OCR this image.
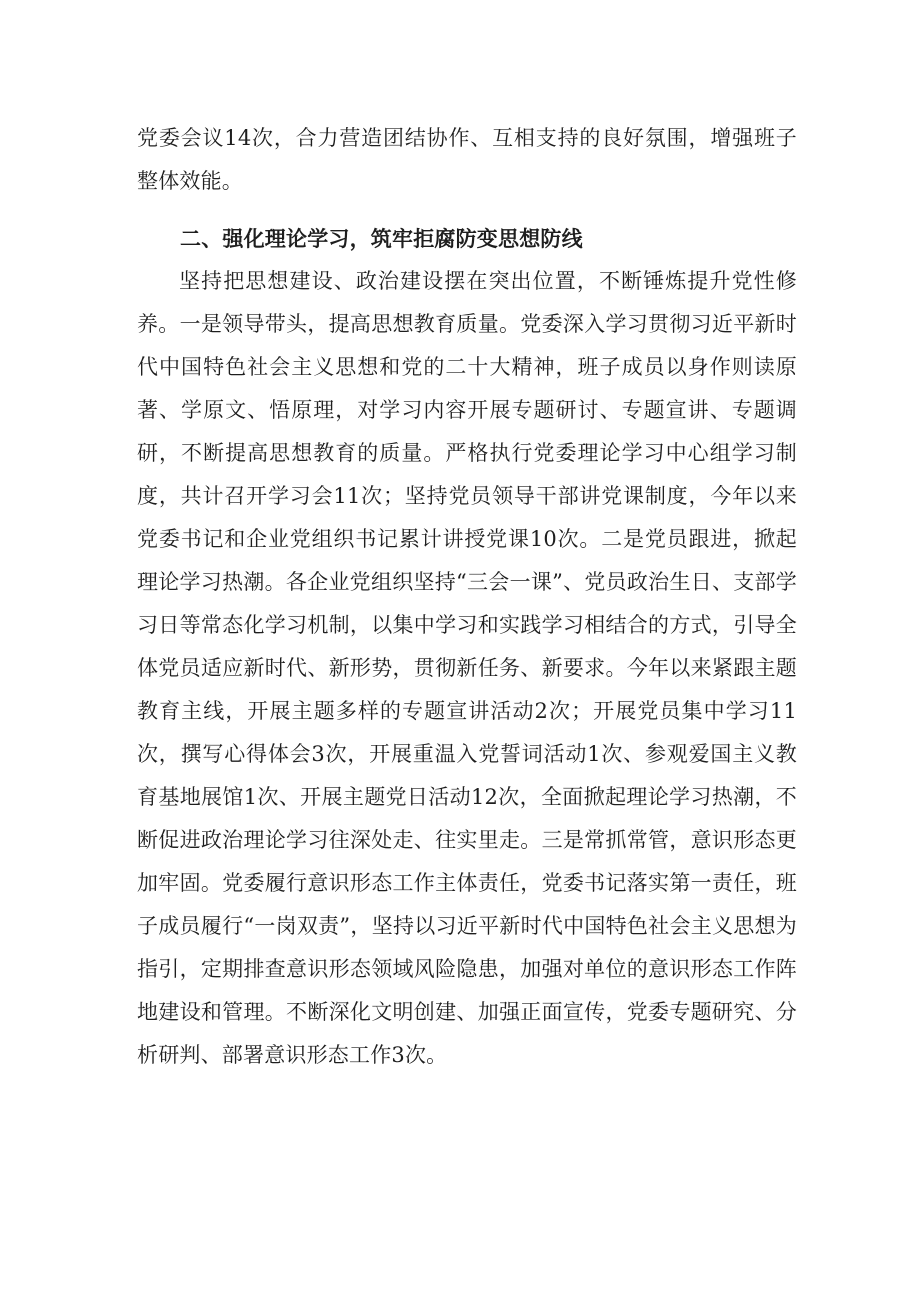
党委会议14次，合力营造团结协作、互相支持的良好氛围，增强班子整体效能。

二、强化理论学习，筑牢拒腐防变思想防线

坚持把思想建设、政治建设摆在突出位置，不断锤炼提升党性修养。一是领导带头，提高思想教育质量。党委深入学习贯彻习近平新时代中国特色社会主义思想和党的二十大精神，班子成员以身作则读原著、学原文、悟原理，对学习内容开展专题研讨、专题宣讲、专题调研，不断提高思想教育的质量。严格执行党委理论学习中心组学习制度，共计召开学习会11次；坚持党员领导干部讲党课制度，今年以来党委书记和企业党组织书记累计讲授党课10次。二是党员跟进，掀起理论学习热潮。各企业党组织坚持“三会一课”、党员政治生日、支部学习日等常态化学习机制，以集中学习和实践学习相结合的方式，引导全体党员适应新时代、新形势，贯彻新任务、新要求。今年以来紧跟主题教育主线，开展主题多样的专题宣讲活动2次；开展党员集中学习11次，撰写心得体会3次，开展重温入党誓词活动1次、参观爱国主义教育基地展馆1次、开展主题党日活动12次，全面掀起理论学习热潮，不断促进政治理论学习往深处走、往实里走。三是常抓常管，意识形态更加牢固。党委履行意识形态工作主体责任，党委书记落实第一责任，班子成员履行“一岗双责”，坚持以习近平新时代中国特色社会主义思想为指引，定期排查意识形态领域风险隐患，加强对单位的意识形态工作阵地建设和管理。不断深化文明创建、加强正面宣传，党委专题研究、分析研判、部署意识形态工作3次。
